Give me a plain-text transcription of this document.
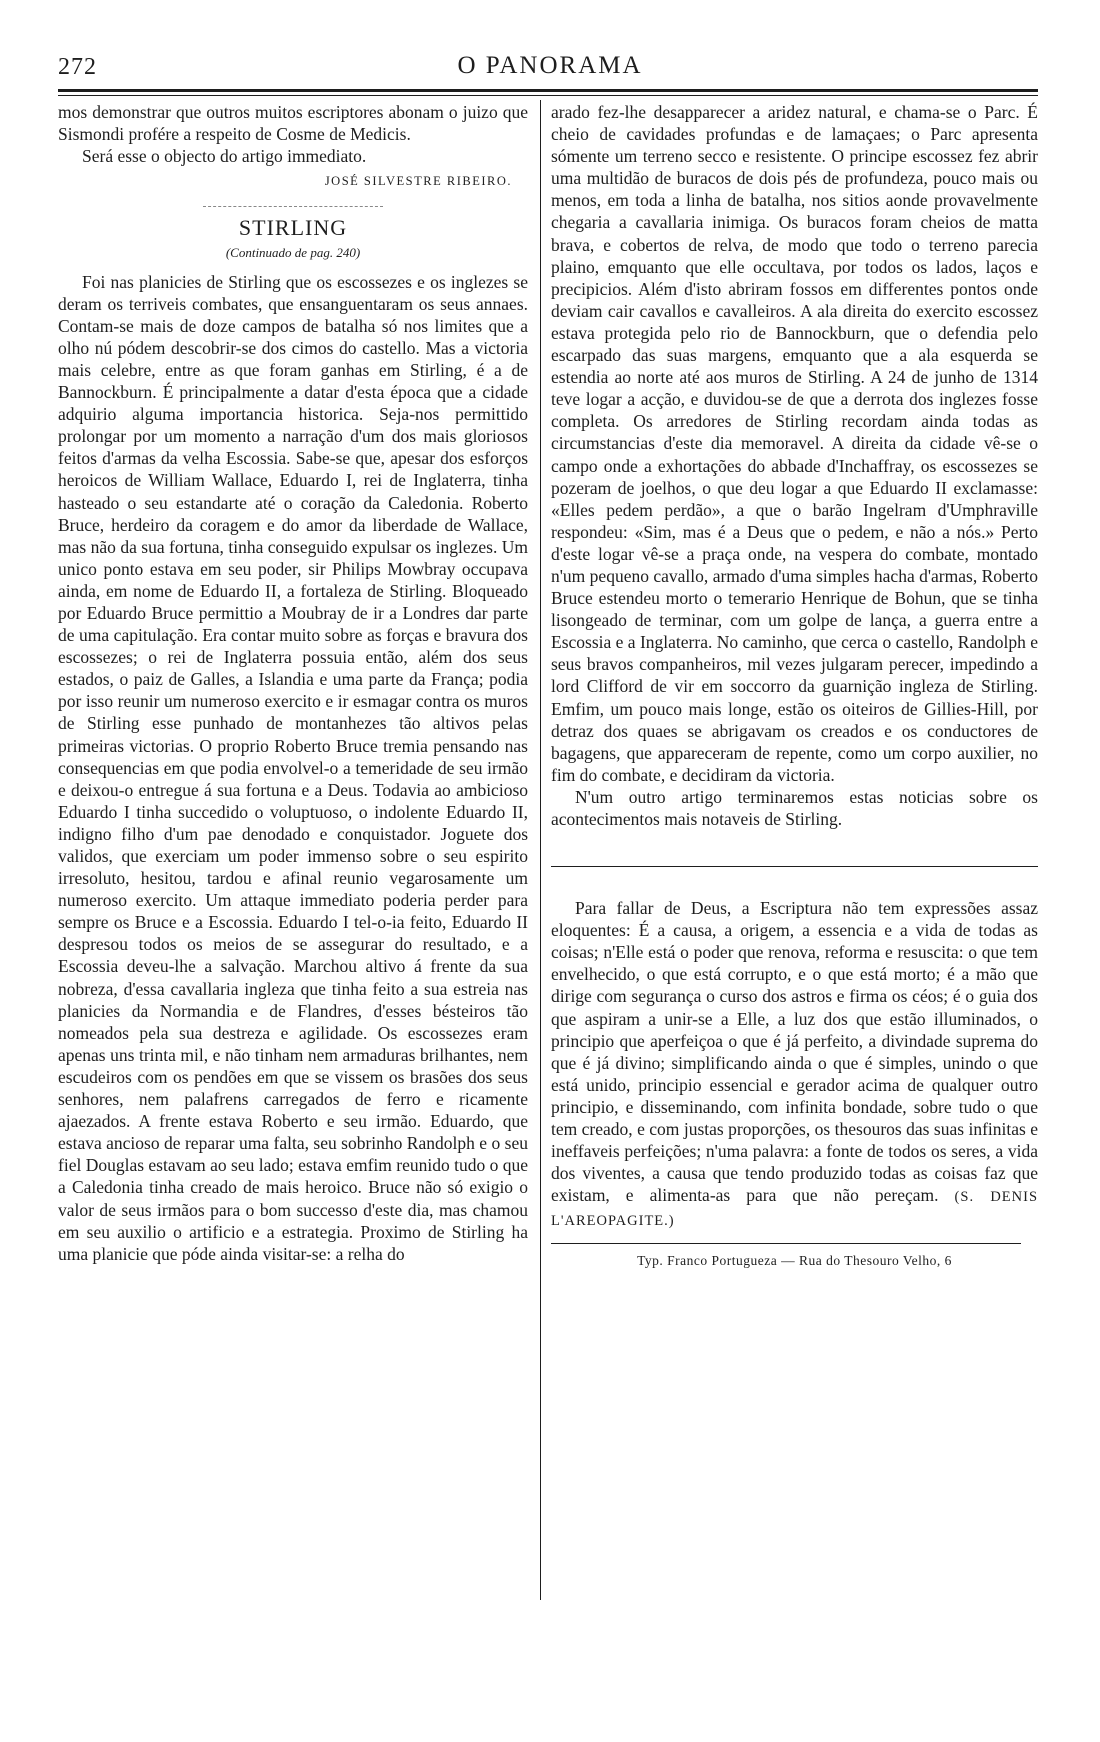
272	O PANORAMA

mos demonstrar que outros muitos escriptores abonam o juizo que Sismondi profére a respeito de Cosme de Medicis.

Será esse o objecto do artigo immediato.

JOSÉ SILVESTRE RIBEIRO.
STIRLING
(Continuado de pag. 240)

Foi nas planicies de Stirling que os escossezes e os inglezes se deram os terriveis combates, que ensanguentaram os seus annaes. Contam-se mais de doze campos de batalha só nos limites que a olho nú pódem descobrir-se dos cimos do castello. Mas a victoria mais celebre, entre as que foram ganhas em Stirling, é a de Bannockburn. É principalmente a datar d'esta época que a cidade adquirio alguma importancia historica. Seja-nos permittido prolongar por um momento a narração d'um dos mais gloriosos feitos d'armas da velha Escossia. Sabe-se que, apesar dos esforços heroicos de William Wallace, Eduardo I, rei de Inglaterra, tinha hasteado o seu estandarte até o coração da Caledonia. Roberto Bruce, herdeiro da coragem e do amor da liberdade de Wallace, mas não da sua fortuna, tinha conseguido expulsar os inglezes. Um unico ponto estava em seu poder, sir Philips Mowbray occupava ainda, em nome de Eduardo II, a fortaleza de Stirling. Bloqueado por Eduardo Bruce permittio a Moubray de ir a Londres dar parte de uma capitulação. Era contar muito sobre as forças e bravura dos escossezes; o rei de Inglaterra possuia então, além dos seus estados, o paiz de Galles, a Islandia e uma parte da França; podia por isso reunir um numeroso exercito e ir esmagar contra os muros de Stirling esse punhado de montanhezes tão altivos pelas primeiras victorias. O proprio Roberto Bruce tremia pensando nas consequencias em que podia envolvel-o a temeridade de seu irmão e deixou-o entregue á sua fortuna e a Deus. Todavia ao ambicioso Eduardo I tinha succedido o voluptuoso, o indolente Eduardo II, indigno filho d'um pae denodado e conquistador. Joguete dos validos, que exerciam um poder immenso sobre o seu espirito irresoluto, hesitou, tardou e afinal reunio vegarosamente um numeroso exercito. Um attaque immediato poderia perder para sempre os Bruce e a Escossia. Eduardo I tel-o-ia feito, Eduardo II despresou todos os meios de se assegurar do resultado, e a Escossia deveu-lhe a salvação. Marchou altivo á frente da sua nobreza, d'essa cavallaria ingleza que tinha feito a sua estreia nas planicies da Normandia e de Flandres, d'esses bésteiros tão nomeados pela sua destreza e agilidade. Os escossezes eram apenas uns trinta mil, e não tinham nem armaduras brilhantes, nem escudeiros com os pendões em que se vissem os brasões dos seus senhores, nem palafrens carregados de ferro e ricamente ajaezados. A frente estava Roberto e seu irmão. Eduardo, que estava ancioso de reparar uma falta, seu sobrinho Randolph e o seu fiel Douglas estavam ao seu lado; estava emfim reunido tudo o que a Caledonia tinha creado de mais heroico. Bruce não só exigio o valor de seus irmãos para o bom successo d'este dia, mas chamou em seu auxilio o artificio e a estrategia. Proximo de Stirling ha uma planicie que póde ainda visitar-se: a relha do

arado fez-lhe desapparecer a aridez natural, e chama-se o Parc. É cheio de cavidades profundas e de lamaçaes; o Parc apresenta sómente um terreno secco e resistente. O principe escossez fez abrir uma multidão de buracos de dois pés de profundeza, pouco mais ou menos, em toda a linha de batalha, nos sitios aonde provavelmente chegaria a cavallaria inimiga. Os buracos foram cheios de matta brava, e cobertos de relva, de modo que todo o terreno parecia plaino, emquanto que elle occultava, por todos os lados, laços e precipicios. Além d'isto abriram fossos em differentes pontos onde deviam cair cavallos e cavalleiros. A ala direita do exercito escossez estava protegida pelo rio de Bannockburn, que o defendia pelo escarpado das suas margens, emquanto que a ala esquerda se estendia ao norte até aos muros de Stirling. A 24 de junho de 1314 teve logar a acção, e duvidou-se de que a derrota dos inglezes fosse completa. Os arredores de Stirling recordam ainda todas as circumstancias d'este dia memoravel. A direita da cidade vê-se o campo onde a exhortações do abbade d'Inchaffray, os escossezes se pozeram de joelhos, o que deu logar a que Eduardo II exclamasse: «Elles pedem perdão», a que o barão Ingelram d'Umphraville respondeu: «Sim, mas é a Deus que o pedem, e não a nós.» Perto d'este logar vê-se a praça onde, na vespera do combate, montado n'um pequeno cavallo, armado d'uma simples hacha d'armas, Roberto Bruce estendeu morto o temerario Henrique de Bohun, que se tinha lisongeado de terminar, com um golpe de lança, a guerra entre a Escossia e a Inglaterra. No caminho, que cerca o castello, Randolph e seus bravos companheiros, mil vezes julgaram perecer, impedindo a lord Clifford de vir em soccorro da guarnição ingleza de Stirling. Emfim, um pouco mais longe, estão os oiteiros de Gillies-Hill, por detraz dos quaes se abrigavam os creados e os conductores de bagagens, que appareceram de repente, como um corpo auxilier, no fim do combate, e decidiram da victoria.

N'um outro artigo terminaremos estas noticias sobre os acontecimentos mais notaveis de Stirling.

Para fallar de Deus, a Escriptura não tem expressões assaz eloquentes: É a causa, a origem, a essencia e a vida de todas as coisas; n'Elle está o poder que renova, reforma e resuscita: o que tem envelhecido, o que está corrupto, e o que está morto; é a mão que dirige com segurança o curso dos astros e firma os céos; é o guia dos que aspiram a unir-se a Elle, a luz dos que estão illuminados, o principio que aperfeiçoa o que é já perfeito, a divindade suprema do que é já divino; simplificando ainda o que é simples, unindo o que está unido, principio essencial e gerador acima de qualquer outro principio, e disseminando, com infinita bondade, sobre tudo o que tem creado, e com justas proporções, os thesouros das suas infinitas e ineffaveis perfeições; n'uma palavra: a fonte de todos os seres, a vida dos viventes, a causa que tendo produzido todas as coisas faz que existam, e alimenta-as para que não pereçam. (S. DENIS L'AREOPAGITE.)

Typ. Franco Portugueza — Rua do Thesouro Velho, 6
